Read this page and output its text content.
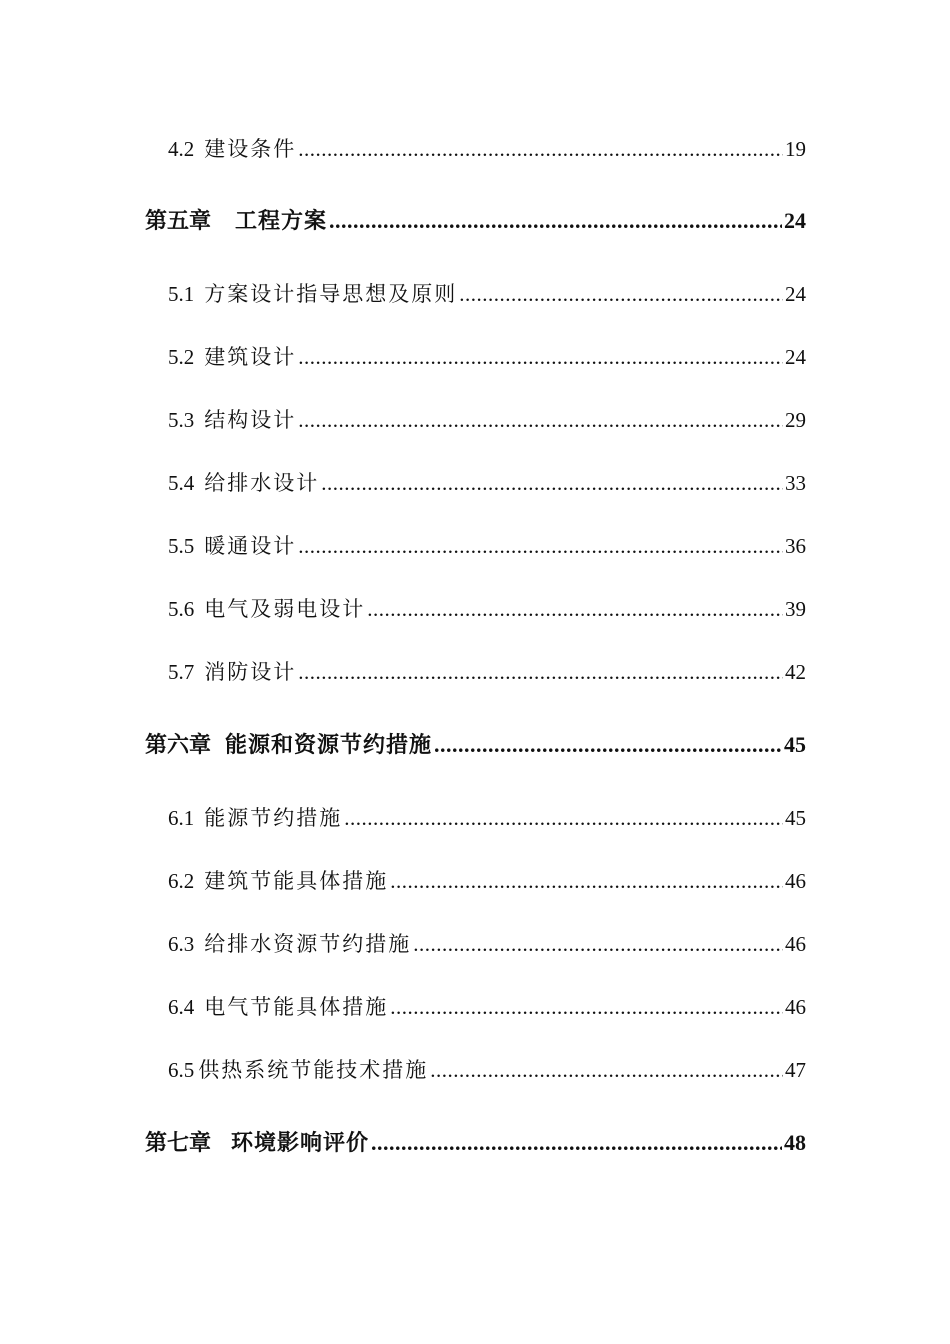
4.2 建设条件 .....	19
第五章 工程方案 .....	24
5.1 方案设计指导思想及原则 .....	24
5.2 建筑设计 .....	24
5.3 结构设计 .....	29
5.4 给排水设计 .....	33
5.5 暖通设计 .....	36
5.6 电气及弱电设计 .....	39
5.7 消防设计 .....	42
第六章 能源和资源节约措施 .....	45
6.1 能源节约措施 .....	45
6.2 建筑节能具体措施 .....	46
6.3 给排水资源节约措施 .....	46
6.4 电气节能具体措施 .....	46
6.5 供热系统节能技术措施 .....	47
第七章 环境影响评价 .....	48
